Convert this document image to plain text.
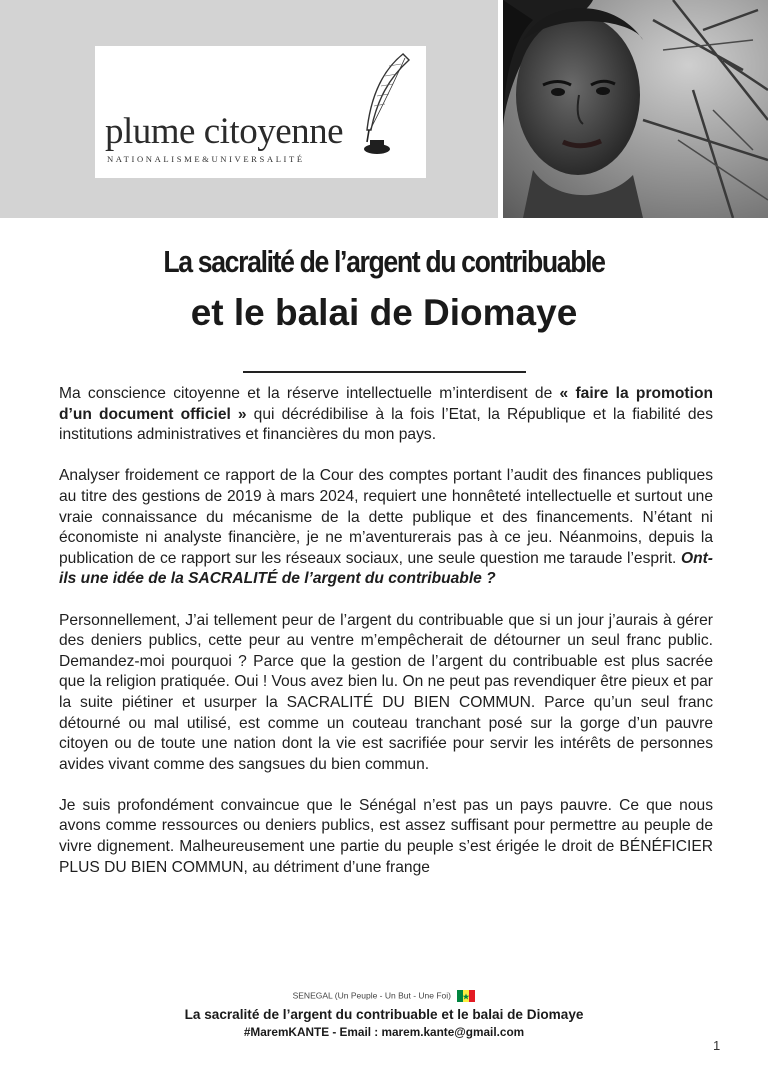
plume citoyenne
NATIONALISME&UNIVERSALITÉ
La sacralité de l’argent du contribuable
et le balai de Diomaye

Ma conscience citoyenne et la réserve intellectuelle m’interdisent de « faire la promotion d’un document officiel » qui décrédibilise à la fois l’Etat, la République et la fiabilité des institutions administratives et financières du mon pays.

Analyser froidement ce rapport de la Cour des comptes portant l’audit des finances publiques au titre des gestions de 2019 à mars 2024, requiert une honnêteté intellectuelle et surtout une vraie connaissance du mécanisme de la dette publique et des financements. N’étant ni économiste ni analyste financière, je ne m’aventurerais pas à ce jeu. Néanmoins, depuis la publication de ce rapport sur les réseaux sociaux, une seule question me taraude l’esprit. Ont-ils une idée de la SACRALITÉ de l’argent du contribuable ?

Personnellement, J’ai tellement peur de l’argent du contribuable que si un jour j’aurais à gérer des deniers publics, cette peur au ventre m’empêcherait de détourner un seul franc public. Demandez-moi pourquoi ? Parce que la gestion de l’argent du contribuable est plus sacrée que la religion pratiquée. Oui ! Vous avez bien lu. On ne peut pas revendiquer être pieux et par la suite piétiner et usurper la SACRALITÉ DU BIEN COMMUN. Parce qu’un seul franc détourné ou mal utilisé, est comme un couteau tranchant posé sur la gorge d’un pauvre citoyen ou de toute une nation dont la vie est sacrifiée pour servir les intérêts de personnes avides vivant comme des sangsues du bien commun.

Je suis profondément convaincue que le Sénégal n’est pas un pays pauvre. Ce que nous avons comme ressources ou deniers publics, est assez suffisant pour permettre au peuple de vivre dignement. Malheureusement une partie du peuple s’est érigée le droit de BÉNÉFICIER PLUS DU BIEN COMMUN, au détriment d’une frange

SENEGAL (Un Peuple - Un But - Une Foi)
La sacralité de l’argent du contribuable et le balai de Diomaye
#MaremKANTE - Email : marem.kante@gmail.com
1
